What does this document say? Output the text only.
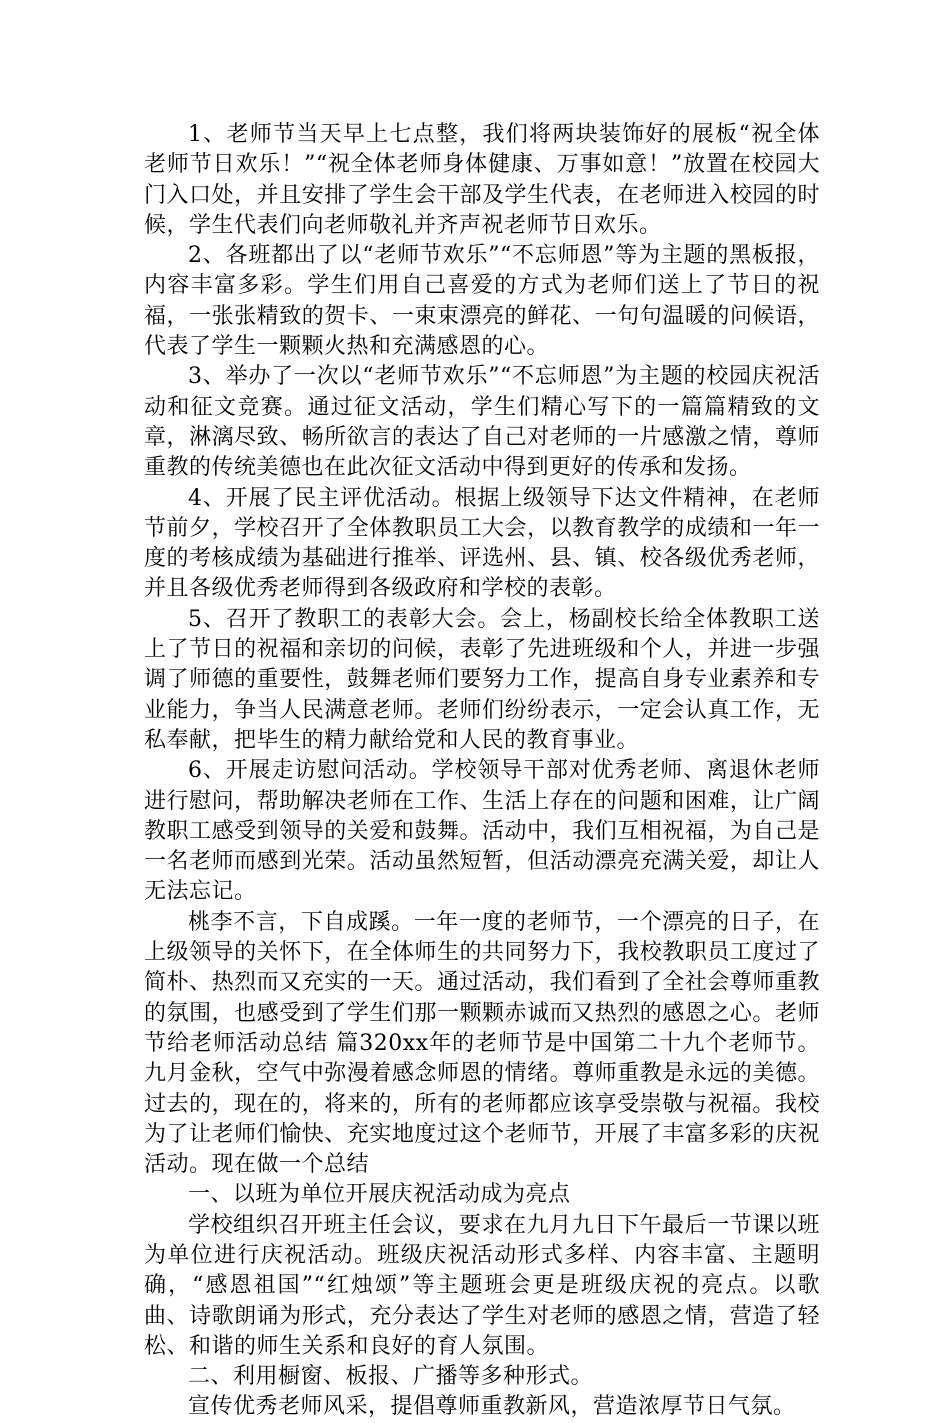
1、老师节当天早上七点整，我们将两块装饰好的展板“祝全体老师节日欢乐！”“祝全体老师身体健康、万事如意！”放置在校园大门入口处，并且安排了学生会干部及学生代表，在老师进入校园的时候，学生代表们向老师敬礼并齐声祝老师节日欢乐。

2、各班都出了以“老师节欢乐”“不忘师恩”等为主题的黑板报，内容丰富多彩。学生们用自己喜爱的方式为老师们送上了节日的祝福，一张张精致的贺卡、一束束漂亮的鲜花、一句句温暖的问候语，代表了学生一颗颗火热和充满感恩的心。

3、举办了一次以“老师节欢乐”“不忘师恩”为主题的校园庆祝活动和征文竞赛。通过征文活动，学生们精心写下的一篇篇精致的文章，淋漓尽致、畅所欲言的表达了自己对老师的一片感激之情，尊师重教的传统美德也在此次征文活动中得到更好的传承和发扬。

4、开展了民主评优活动。根据上级领导下达文件精神，在老师节前夕，学校召开了全体教职员工大会，以教育教学的成绩和一年一度的考核成绩为基础进行推举、评选州、县、镇、校各级优秀老师，并且各级优秀老师得到各级政府和学校的表彰。

5、召开了教职工的表彰大会。会上，杨副校长给全体教职工送上了节日的祝福和亲切的问候，表彰了先进班级和个人，并进一步强调了师德的重要性，鼓舞老师们要努力工作，提高自身专业素养和专业能力，争当人民满意老师。老师们纷纷表示，一定会认真工作，无私奉献，把毕生的精力献给党和人民的教育事业。

6、开展走访慰问活动。学校领导干部对优秀老师、离退休老师进行慰问，帮助解决老师在工作、生活上存在的问题和困难，让广阔教职工感受到领导的关爱和鼓舞。活动中，我们互相祝福，为自己是一名老师而感到光荣。活动虽然短暂，但活动漂亮充满关爱，却让人无法忘记。

桃李不言，下自成蹊。一年一度的老师节，一个漂亮的日子，在上级领导的关怀下，在全体师生的共同努力下，我校教职员工度过了简朴、热烈而又充实的一天。通过活动，我们看到了全社会尊师重教的氛围，也感受到了学生们那一颗颗赤诚而又热烈的感恩之心。老师节给老师活动总结 篇320xx年的老师节是中国第二十九个老师节。九月金秋，空气中弥漫着感念师恩的情绪。尊师重教是永远的美德。过去的，现在的，将来的，所有的老师都应该享受崇敬与祝福。我校为了让老师们愉快、充实地度过这个老师节，开展了丰富多彩的庆祝活动。现在做一个总结

一、以班为单位开展庆祝活动成为亮点

学校组织召开班主任会议，要求在九月九日下午最后一节课以班为单位进行庆祝活动。班级庆祝活动形式多样、内容丰富、主题明确，“感恩祖国”“红烛颂”等主题班会更是班级庆祝的亮点。以歌曲、诗歌朗诵为形式，充分表达了学生对老师的感恩之情，营造了轻松、和谐的师生关系和良好的育人氛围。

二、利用橱窗、板报、广播等多种形式。

宣传优秀老师风采，提倡尊师重教新风，营造浓厚节日气氛。
